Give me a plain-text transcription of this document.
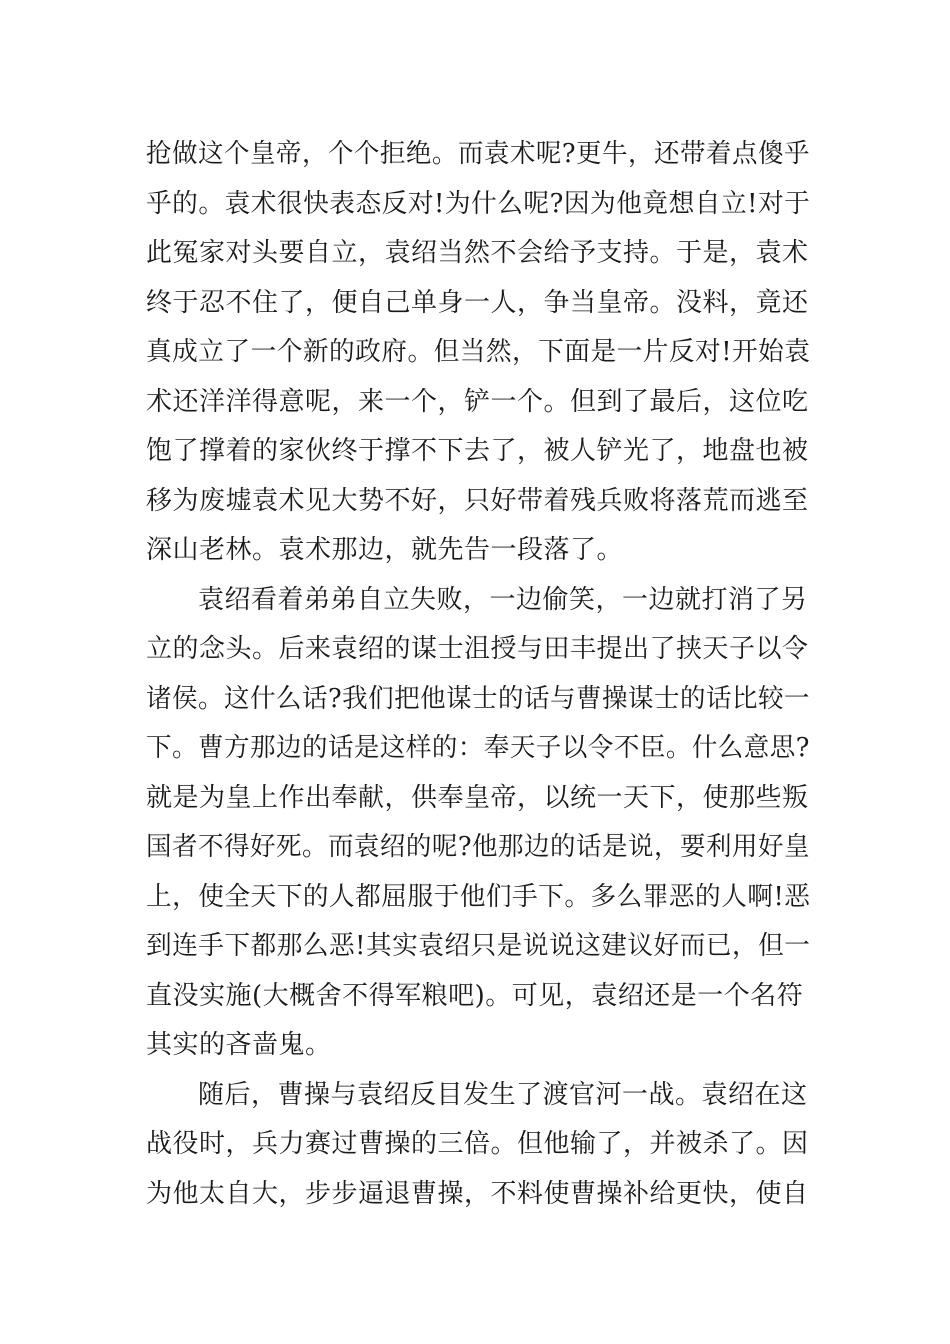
抢做这个皇帝，个个拒绝。而袁术呢?更牛，还带着点傻乎
乎的。袁术很快表态反对!为什么呢?因为他竟想自立!对于
此冤家对头要自立，袁绍当然不会给予支持。于是，袁术
终于忍不住了，便自己单身一人，争当皇帝。没料，竟还
真成立了一个新的政府。但当然，下面是一片反对!开始袁
术还洋洋得意呢，来一个，铲一个。但到了最后，这位吃
饱了撑着的家伙终于撑不下去了，被人铲光了，地盘也被
移为废墟袁术见大势不好，只好带着残兵败将落荒而逃至
深山老林。袁术那边，就先告一段落了。
袁绍看着弟弟自立失败，一边偷笑，一边就打消了另
立的念头。后来袁绍的谋士沮授与田丰提出了挟天子以令
诸侯。这什么话?我们把他谋士的话与曹操谋士的话比较一
下。曹方那边的话是这样的：奉天子以令不臣。什么意思?
就是为皇上作出奉献，供奉皇帝，以统一天下，使那些叛
国者不得好死。而袁绍的呢?他那边的话是说，要利用好皇
上，使全天下的人都屈服于他们手下。多么罪恶的人啊!恶
到连手下都那么恶!其实袁绍只是说说这建议好而已，但一
直没实施(大概舍不得军粮吧)。可见，袁绍还是一个名符
其实的吝啬鬼。
随后，曹操与袁绍反目发生了渡官河一战。袁绍在这
战役时，兵力赛过曹操的三倍。但他输了，并被杀了。因
为他太自大，步步逼退曹操，不料使曹操补给更快，使自
